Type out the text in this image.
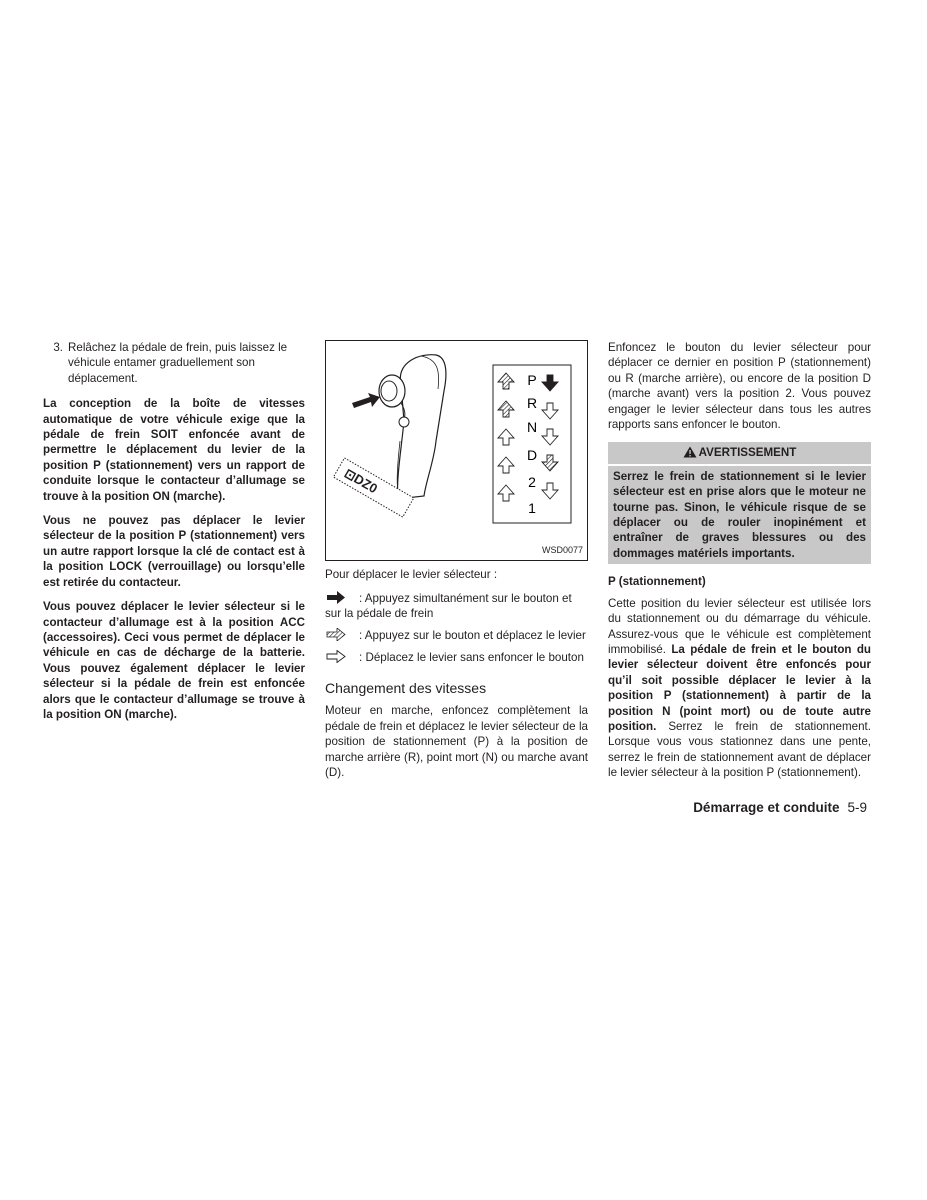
3. Relâchez la pédale de frein, puis laissez le véhicule entamer graduellement son déplacement.

La conception de la boîte de vitesses automatique de votre véhicule exige que la pédale de frein SOIT enfoncée avant de permettre le déplacement du levier de la position P (stationnement) vers un rapport de conduite lorsque le contacteur d’allumage se trouve à la position ON (marche).

Vous ne pouvez pas déplacer le levier sélecteur de la position P (stationnement) vers un autre rapport lorsque la clé de contact est à la position LOCK (verrouillage) ou lorsqu’elle est retirée du contacteur.

Vous pouvez déplacer le levier sélecteur si le contacteur d’allumage est à la position ACC (accessoires). Ceci vous permet de déplacer le véhicule en cas de décharge de la batterie. Vous pouvez également déplacer le levier sélecteur si la pédale de frein est enfoncée alors que le contacteur d’allumage se trouve à la position ON (marche).

⊡DZ0
P
R
N
D
2
1
WSD0077

Pour déplacer le levier sélecteur :

: Appuyez simultanément sur le bouton et sur la pédale de frein
: Appuyez sur le bouton et déplacez le levier
: Déplacez le levier sans enfoncer le bouton
Changement des vitesses

Moteur en marche, enfoncez complètement la pédale de frein et déplacez le levier sélecteur de la position de stationnement (P) à la position de marche arrière (R), point mort (N) ou marche avant (D).

Enfoncez le bouton du levier sélecteur pour déplacer ce dernier en position P (stationnement) ou R (marche arrière), ou encore de la position D (marche avant) vers la position 2. Vous pouvez engager le levier sélecteur dans tous les autres rapports sans enfoncer le bouton.

AVERTISSEMENT
Serrez le frein de stationnement si le levier sélecteur est en prise alors que le moteur ne tourne pas. Sinon, le véhicule risque de se déplacer ou de rouler inopinément et entraîner de graves blessures ou des dommages matériels importants.
P (stationnement)

Cette position du levier sélecteur est utilisée lors du stationnement ou du démarrage du véhicule. Assurez-vous que le véhicule est complètement immobilisé. La pédale de frein et le bouton du levier sélecteur doivent être enfoncés pour qu’il soit possible déplacer le levier à la position P (stationnement) à partir de la position N (point mort) ou de toute autre position. Serrez le frein de stationnement. Lorsque vous vous stationnez dans une pente, serrez le frein de stationnement avant de déplacer le levier sélecteur à la position P (stationnement).

Démarrage et conduite 5-9
